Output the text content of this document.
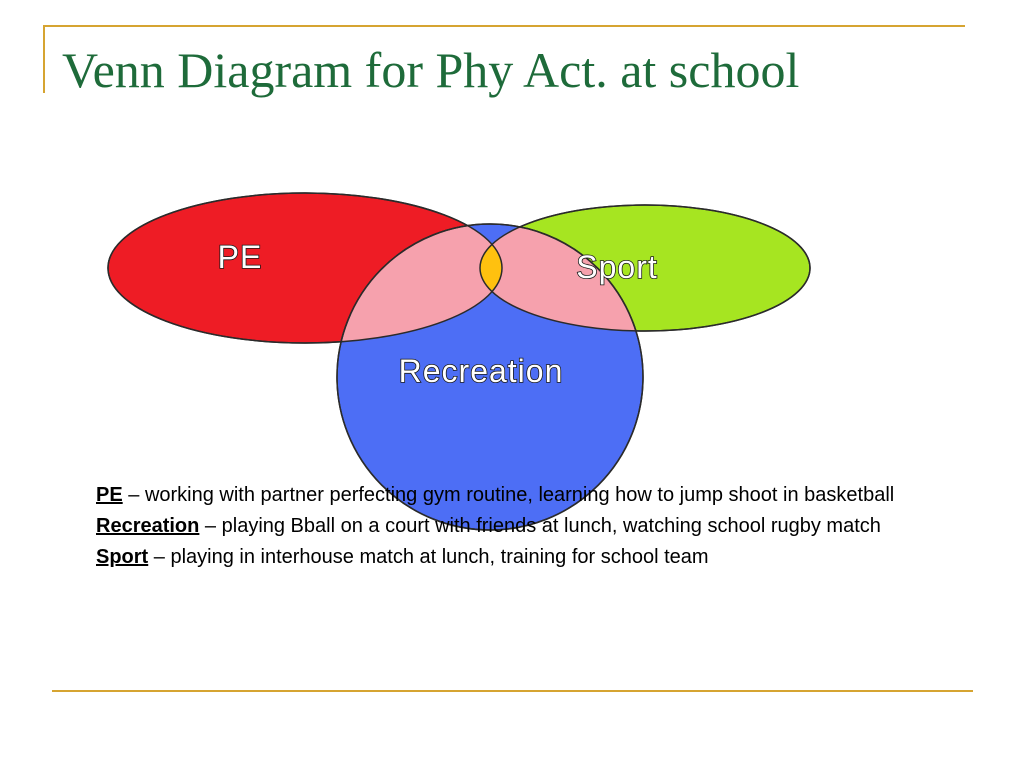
Venn Diagram for Phy Act. at school
PE	Sport
Recreation

PE – working with partner perfecting gym routine, learning how to jump shoot in basketball

Recreation – playing Bball on a court with friends at lunch, watching school rugby match

Sport – playing in interhouse match at lunch, training for school team
